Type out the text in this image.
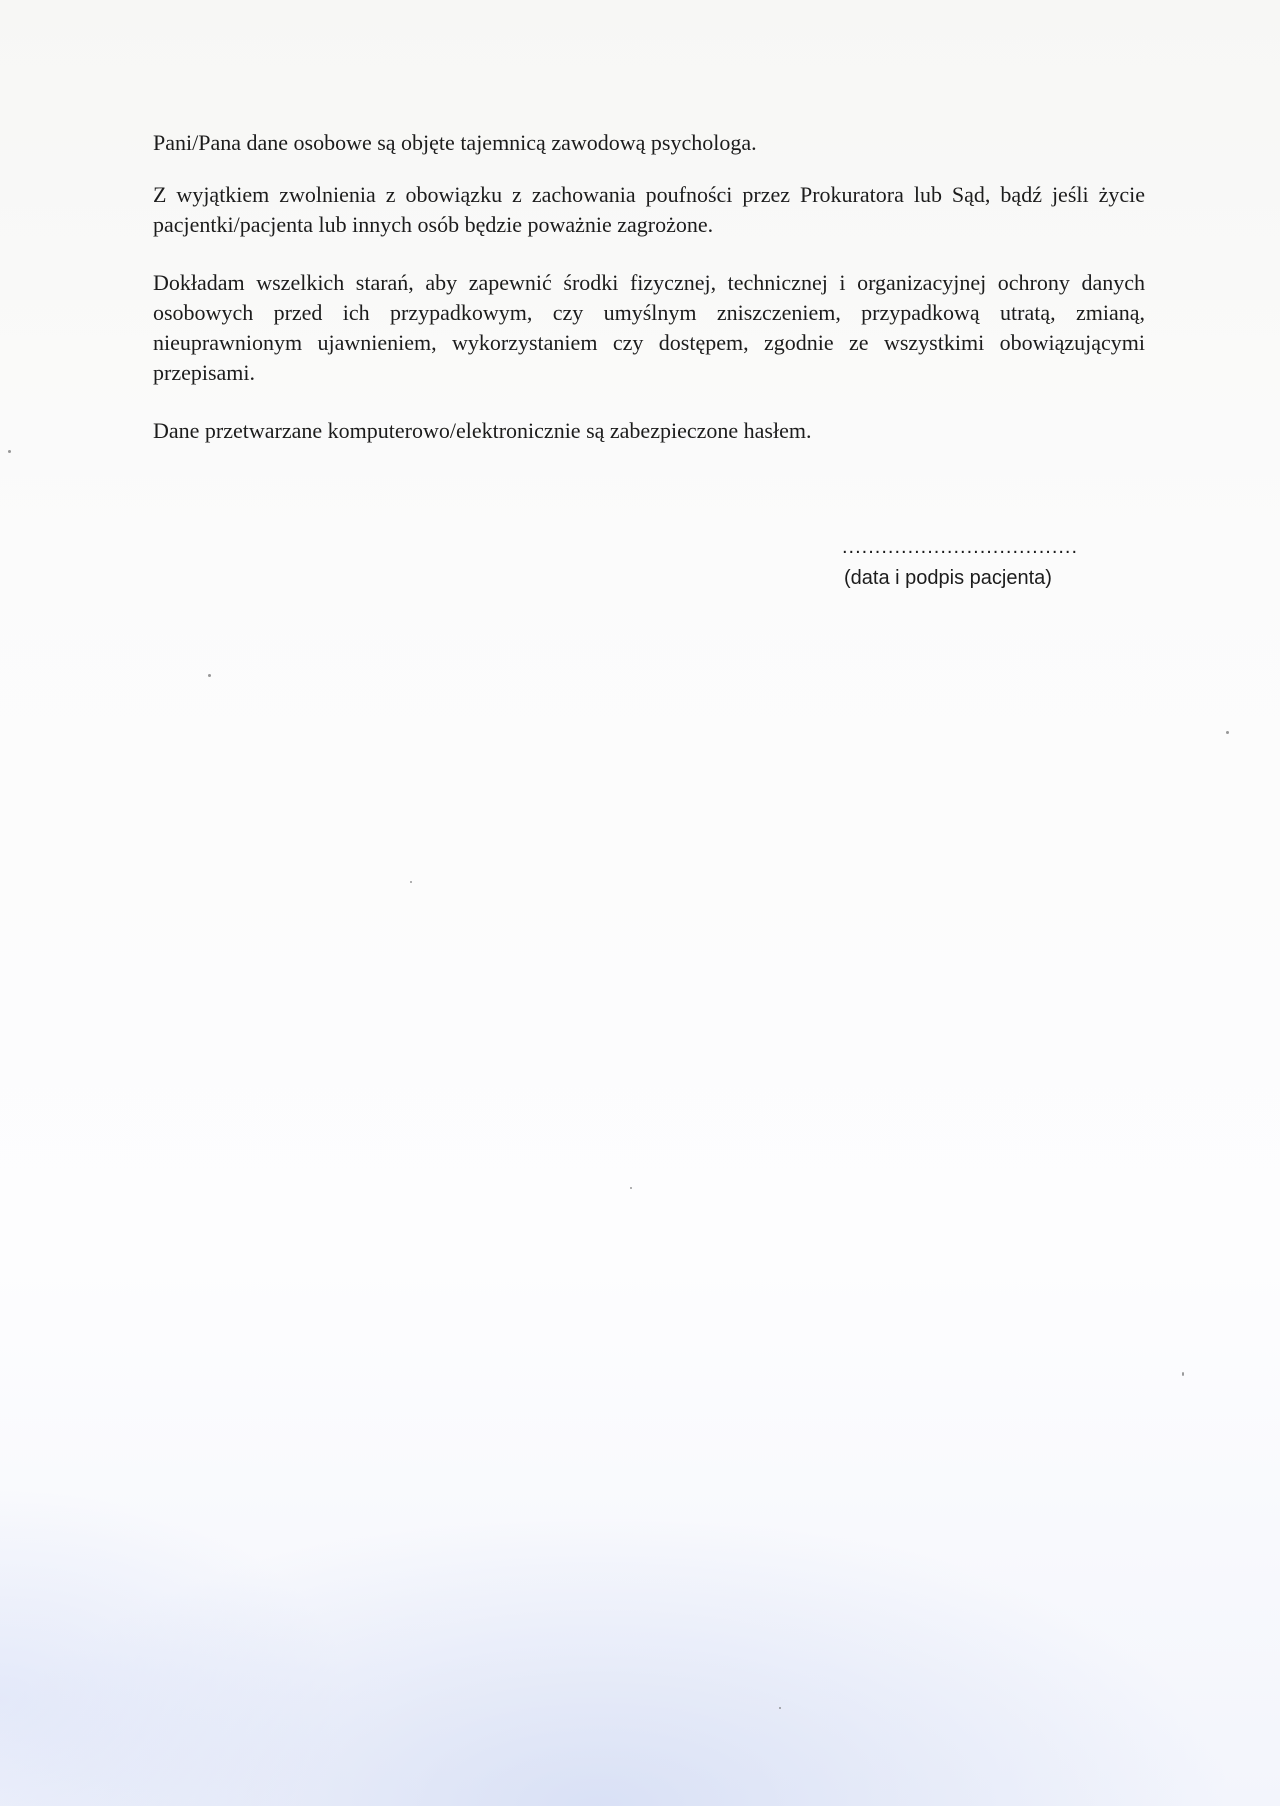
Pani/Pana dane osobowe są objęte tajemnicą zawodową psychologa.

Z wyjątkiem zwolnienia z obowiązku z zachowania poufności przez Prokuratora lub Sąd, bądź jeśli życie pacjentki/pacjenta lub innych osób będzie poważnie zagrożone.

Dokładam wszelkich starań, aby zapewnić środki fizycznej, technicznej i organizacyjnej ochrony danych osobowych przed ich przypadkowym, czy umyślnym zniszczeniem, przypadkową utratą, zmianą, nieuprawnionym ujawnieniem, wykorzystaniem czy dostępem, zgodnie ze wszystkimi obowiązującymi przepisami.

Dane przetwarzane komputerowo/elektronicznie są zabezpieczone hasłem.

....................................
(data i podpis pacjenta)
